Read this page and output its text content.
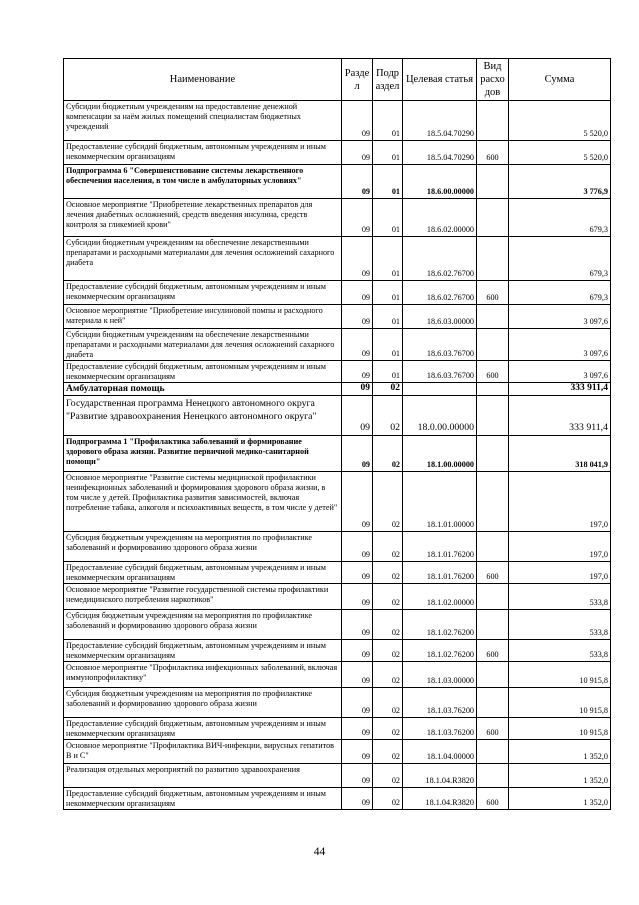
Наименование	Разде л	Подр аздел	Целевая статья	Вид расхо дов	Сумма
Субсидии бюджетным учреждениям на предоставление денежной компенсации за наём жилых помещений специалистам бюджетных учреждений	09	01	18.5.04.70290		5 520,0
Предоставление субсидий бюджетным, автономным учреждениям и иным некоммерческим организациям	09	01	18.5.04.70290	600	5 520,0
Подпрограмма 6 "Совершенствование системы лекарственного обеспечения населения, в том числе в амбулаторных условиях"	09	01	18.6.00.00000		3 776,9
Основное мероприятие "Приобретение лекарственных препаратов для лечения диабетных осложнений, средств введения инсулина, средств контроля за гликемией крови"	09	01	18.6.02.00000		679,3
Субсидии бюджетным учреждениям на обеспечение лекарственными препаратами и расходными материалами для лечения осложнений сахарного диабета	09	01	18.6.02.76700		679,3
Предоставление субсидий бюджетным, автономным учреждениям и иным некоммерческим организациям	09	01	18.6.02.76700	600	679,3
Основное мероприятие "Приобретение инсулиновой помпы и расходного материала к ней"	09	01	18.6.03.00000		3 097,6
Субсидии бюджетным учреждениям на обеспечение лекарственными препаратами и расходными материалами для лечения осложнений сахарного диабета	09	01	18.6.03.76700		3 097,6
Предоставление субсидий бюджетным, автономным учреждениям и иным некоммерческим организациям	09	01	18.6.03.76700	600	3 097,6
Амбулаторная помощь	09	02			333 911,4
Государственная программа Ненецкого автономного округа "Развитие здравоохранения Ненецкого автономного округа"	09	02	18.0.00.00000		333 911,4
Подпрограмма 1 "Профилактика заболеваний и формирование здорового образа жизни. Развитие первичной медико-санитарной помощи"	09	02	18.1.00.00000		318 041,9
Основное мероприятие "Развитие системы медицинской профилактики неинфекционных заболеваний и формирования здорового образа жизни, в том числе у детей. Профилактика развития зависимостей, включая потребление табака, алкоголя и психоактивных веществ, в том числе у детей"	09	02	18.1.01.00000		197,0
Субсидия бюджетным учреждениям на мероприятия по профилактике заболеваний и формированию здорового образа жизни	09	02	18.1.01.76200		197,0
Предоставление субсидий бюджетным, автономным учреждениям и иным некоммерческим организациям	09	02	18.1.01.76200	600	197,0
Основное мероприятие "Развитие государственной системы профилактики немедицинского потребления наркотиков"	09	02	18.1.02.00000		533,8
Субсидия бюджетным учреждениям на мероприятия по профилактике заболеваний и формированию здорового образа жизни	09	02	18.1.02.76200		533,8
Предоставление субсидий бюджетным, автономным учреждениям и иным некоммерческим организациям	09	02	18.1.02.76200	600	533,8
Основное мероприятие "Профилактика инфекционных заболеваний, включая иммунопрофилактику"	09	02	18.1.03.00000		10 915,8
Субсидия бюджетным учреждениям на мероприятия по профилактике заболеваний и формированию здорового образа жизни	09	02	18.1.03.76200		10 915,8
Предоставление субсидий бюджетным, автономным учреждениям и иным некоммерческим организациям	09	02	18.1.03.76200	600	10 915,8
Основное мероприятие "Профилактика ВИЧ-инфекции, вирусных гепатитов В и С"	09	02	18.1.04.00000		1 352,0
Реализация отдельных мероприятий по развитию здравоохранения	09	02	18.1.04.R3820		1 352,0
Предоставление субсидий бюджетным, автономным учреждениям и иным некоммерческим организациям	09	02	18.1.04.R3820	600	1 352,0
44
